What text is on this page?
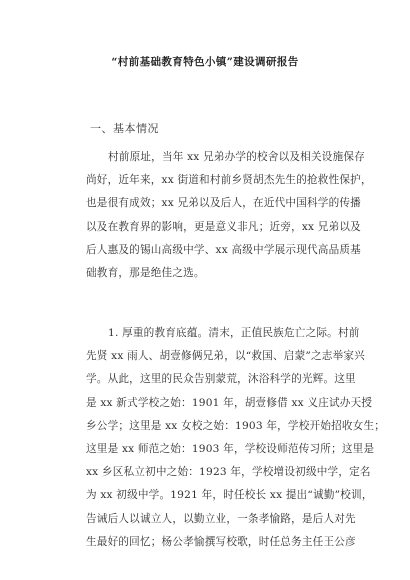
“村前基础教育特色小镇”建设调研报告
一、基本情况
村前原址，当年 xx 兄弟办学的校舍以及相关设施保存
尚好，近年来，xx 街道和村前乡贤胡杰先生的抢救性保护，
也是很有成效；xx 兄弟以及后人，在近代中国科学的传播
以及在教育界的影响，更是意义非凡；近旁，xx 兄弟以及
后人惠及的锡山高级中学、xx 高级中学展示现代高品质基
础教育，那是绝佳之选。
1. 厚重的教育底蕴。清末，正值民族危亡之际。村前
先贤 xx 雨人、胡壹修俩兄弟，以“救国、启蒙”之志举家兴
学。从此，这里的民众告别蒙荒，沐浴科学的光辉。这里
是 xx 新式学校之始：1901 年，胡壹修借 xx 义庄试办天授
乡公学；这里是 xx 女校之始：1903 年，学校开始招收女生；
这里是 xx 师范之始：1903 年，学校设师范传习所；这里是
xx 乡区私立初中之始：1923 年，学校增设初级中学，定名
为 xx 初级中学。1921 年，时任校长 xx 提出“诚勤”校训，
告诫后人以诚立人，以勤立业，一条孝愉路，是后人对先
生最好的回忆；杨公孝愉撰写校歌，时任总务主任王公彦
